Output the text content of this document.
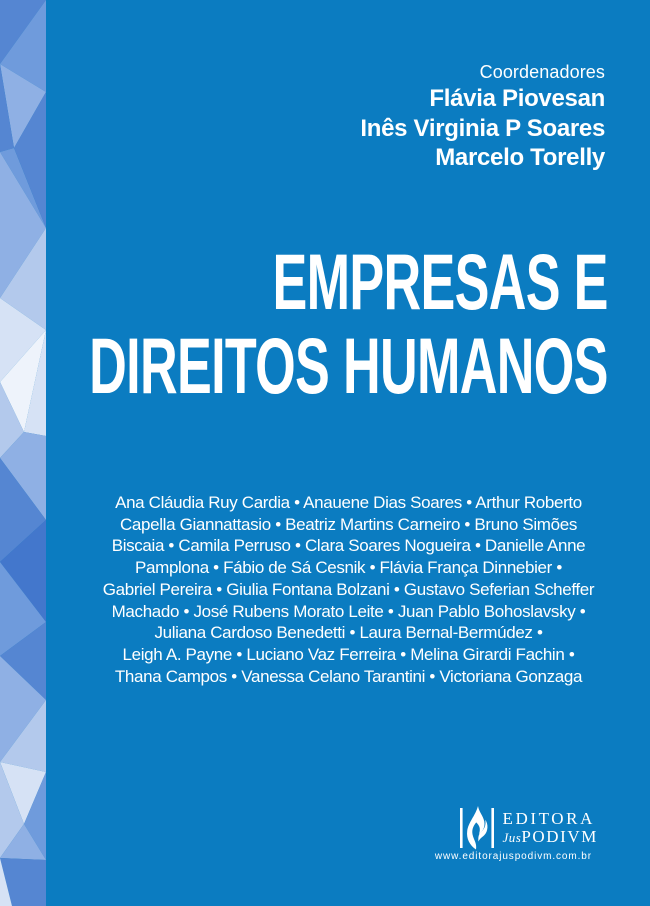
Coordenadores
Flávia Piovesan
Inês Virginia P Soares
Marcelo Torelly
EMPRESAS E
DIREITOS HUMANOS
Ana Cláudia Ruy Cardia • Anauene Dias Soares • Arthur Roberto
Capella Giannattasio • Beatriz Martins Carneiro • Bruno Simões
Biscaia • Camila Perruso • Clara Soares Nogueira • Danielle Anne
Pamplona • Fábio de Sá Cesnik • Flávia França Dinnebier •
Gabriel Pereira • Giulia Fontana Bolzani • Gustavo Seferian Scheffer
Machado • José Rubens Morato Leite • Juan Pablo Bohoslavsky •
Juliana Cardoso Benedetti • Laura Bernal-Bermúdez •
Leigh A. Payne • Luciano Vaz Ferreira • Melina Girardi Fachin •
Thana Campos • Vanessa Celano Tarantini • Victoriana Gonzaga
EDITORA
JusPODIVM
www.editorajuspodivm.com.br
